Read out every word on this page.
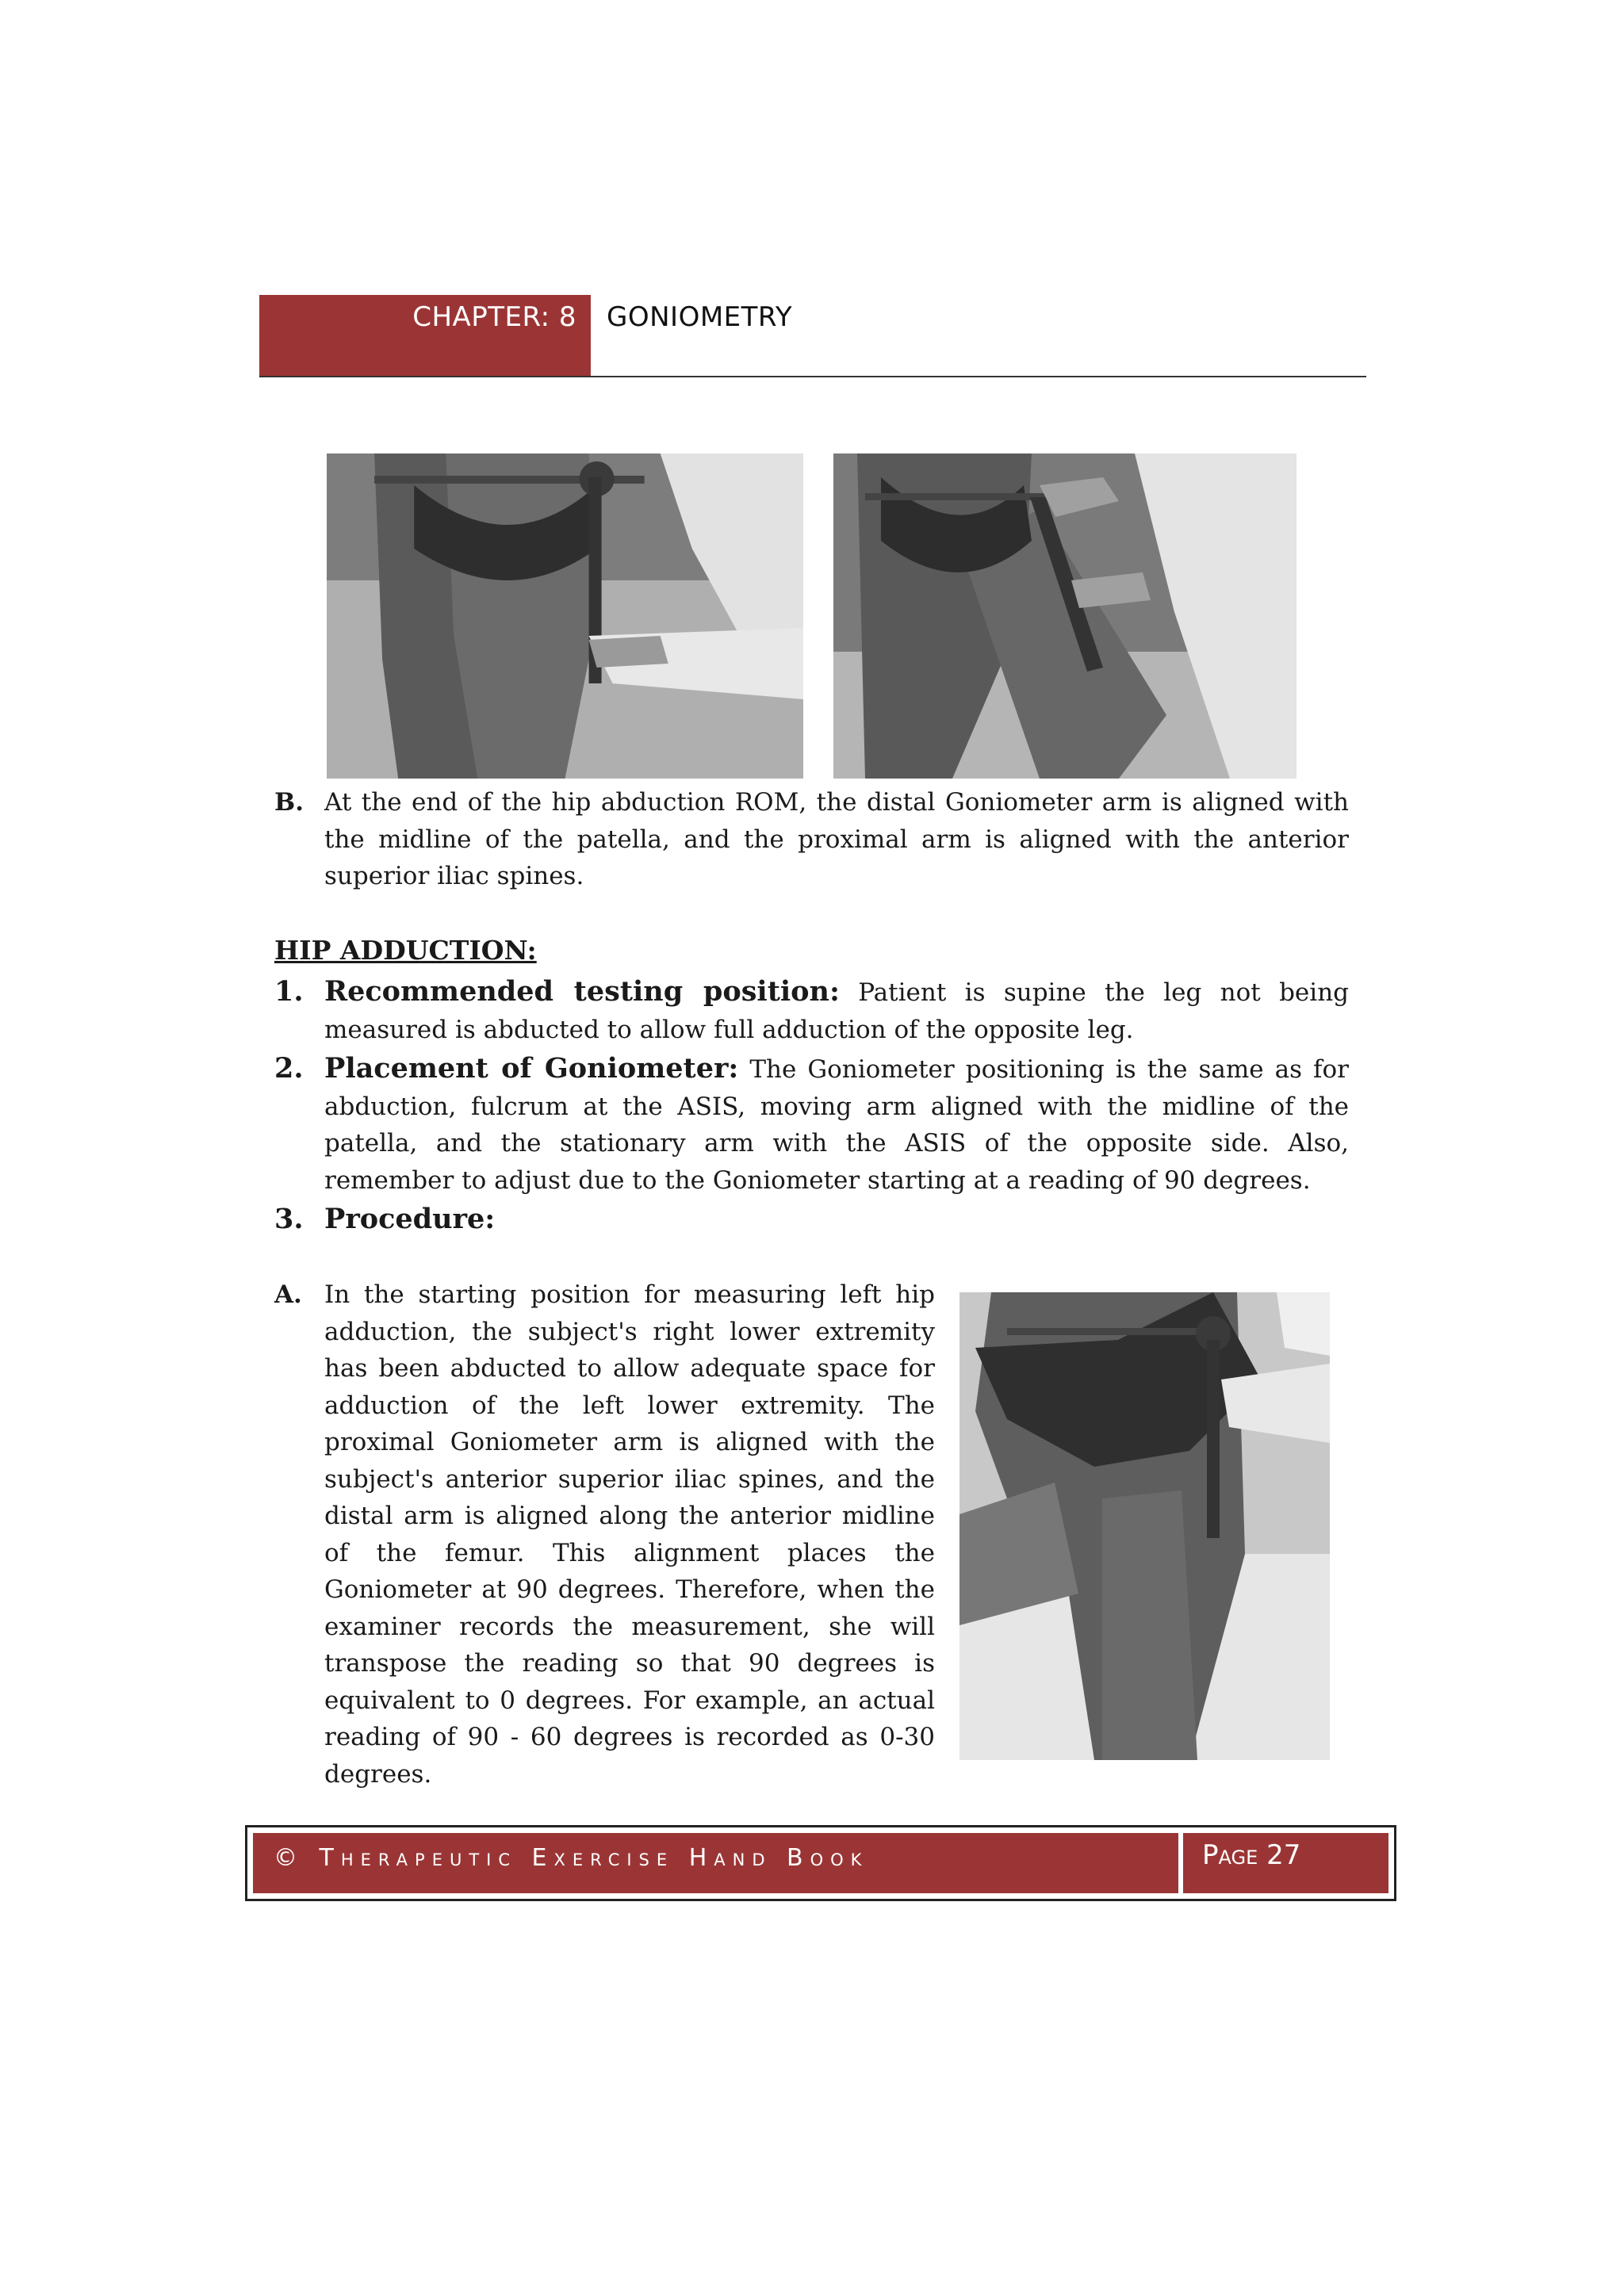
CHAPTER: 8 GONIOMETRY
B. At the end of the hip abduction ROM, the distal Goniometer arm is aligned with the midline of the patella, and the proximal arm is aligned with the anterior superior iliac spines.
HIP ADDUCTION:
1. Recommended testing position: Patient is supine the leg not being measured is abducted to allow full adduction of the opposite leg.
2. Placement of Goniometer: The Goniometer positioning is the same as for abduction, fulcrum at the ASIS, moving arm aligned with the midline of the patella, and the stationary arm with the ASIS of the opposite side. Also, remember to adjust due to the Goniometer starting at a reading of 90 degrees.
3. Procedure:
A. In the starting position for measuring left hip adduction, the subject's right lower extremity has been abducted to allow adequate space for adduction of the left lower extremity. The proximal Goniometer arm is aligned with the subject's anterior superior iliac spines, and the distal arm is aligned along the anterior midline of the femur. This alignment places the Goniometer at 90 degrees. Therefore, when the examiner records the measurement, she will transpose the reading so that 90 degrees is equivalent to 0 degrees. For example, an actual reading of 90 - 60 degrees is recorded as 0-30 degrees.
© Therapeutic Exercise Hand Book	Page 27
